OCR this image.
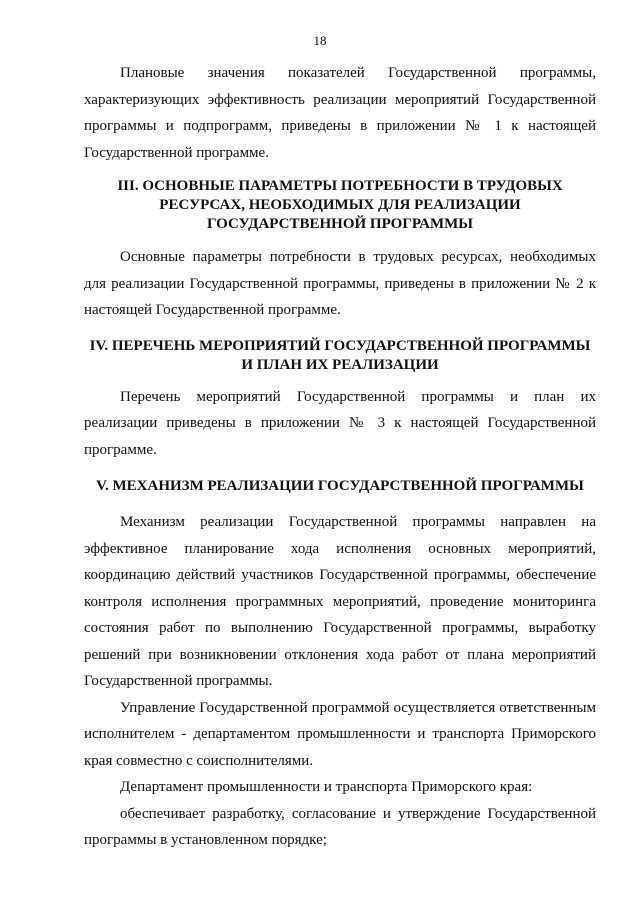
18

Плановые значения показателей Государственной программы, характеризующих эффективность реализации мероприятий Государственной программы и подпрограмм, приведены в приложении № 1 к настоящей Государственной программе.

III. ОСНОВНЫЕ ПАРАМЕТРЫ ПОТРЕБНОСТИ В ТРУДОВЫХ
РЕСУРСАХ, НЕОБХОДИМЫХ ДЛЯ РЕАЛИЗАЦИИ
ГОСУДАРСТВЕННОЙ ПРОГРАММЫ

Основные параметры потребности в трудовых ресурсах, необходимых для реализации Государственной программы, приведены в приложении № 2 к настоящей Государственной программе.

IV. ПЕРЕЧЕНЬ МЕРОПРИЯТИЙ ГОСУДАРСТВЕННОЙ ПРОГРАММЫ
И ПЛАН ИХ РЕАЛИЗАЦИИ

Перечень мероприятий Государственной программы и план их реализации приведены в приложении № 3 к настоящей Государственной программе.

V. МЕХАНИЗМ РЕАЛИЗАЦИИ ГОСУДАРСТВЕННОЙ ПРОГРАММЫ

Механизм реализации Государственной программы направлен на эффективное планирование хода исполнения основных мероприятий, координацию действий участников Государственной программы, обеспечение контроля исполнения программных мероприятий, проведение мониторинга состояния работ по выполнению Государственной программы, выработку решений при возникновении отклонения хода работ от плана мероприятий Государственной программы.

Управление Государственной программой осуществляется ответственным исполнителем - департаментом промышленности и транспорта Приморского края совместно с соисполнителями.

Департамент промышленности и транспорта Приморского края:

обеспечивает разработку, согласование и утверждение Государственной программы в установленном порядке;
